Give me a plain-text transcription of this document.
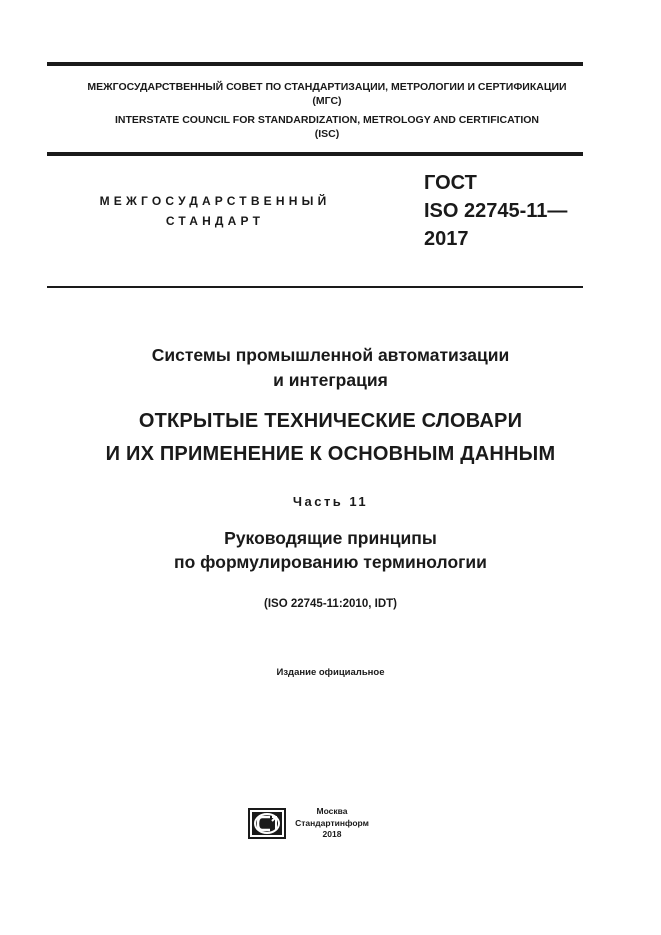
МЕЖГОСУДАРСТВЕННЫЙ СОВЕТ ПО СТАНДАРТИЗАЦИИ, МЕТРОЛОГИИ И СЕРТИФИКАЦИИ
(МГС)
INTERSTATE COUNCIL FOR STANDARDIZATION, METROLOGY AND CERTIFICATION
(ISC)
МЕЖГОСУДАРСТВЕННЫЙ
СТАНДАРТ
ГОСТ
ISO 22745-11—
2017
Системы промышленной автоматизации
и интеграция
ОТКРЫТЫЕ ТЕХНИЧЕСКИЕ СЛОВАРИ
И ИХ ПРИМЕНЕНИЕ К ОСНОВНЫМ ДАННЫМ
Часть 11
Руководящие принципы
по формулированию терминологии
(ISO 22745-11:2010, IDT)
Издание официальное
Москва
Стандартинформ
2018
